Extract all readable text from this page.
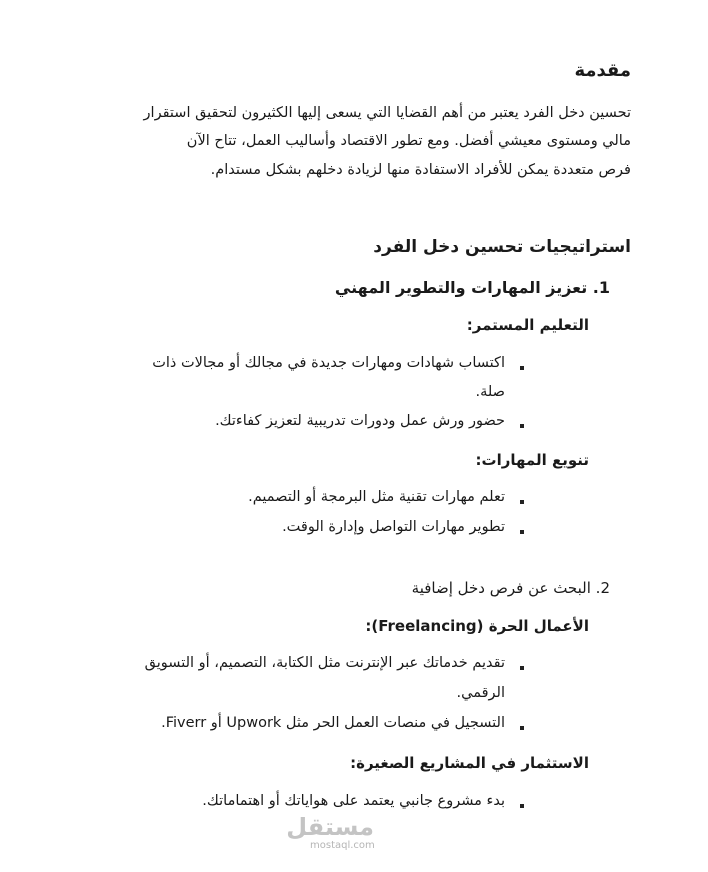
مقدمة
تحسين دخل الفرد يعتبر من أهم القضايا التي يسعى إليها الكثيرون لتحقيق استقرار
مالي ومستوى معيشي أفضل. ومع تطور الاقتصاد وأساليب العمل، تتاح الآن
فرص متعددة يمكن للأفراد الاستفادة منها لزيادة دخلهم بشكل مستدام.
استراتيجيات تحسين دخل الفرد
1. تعزيز المهارات والتطوير المهني
التعليم المستمر:
اكتساب شهادات ومهارات جديدة في مجالك أو مجالات ذات
صلة.
حضور ورش عمل ودورات تدريبية لتعزيز كفاءتك.
تنويع المهارات:
تعلم مهارات تقنية مثل البرمجة أو التصميم.
تطوير مهارات التواصل وإدارة الوقت.
2. البحث عن فرص دخل إضافية
الأعمال الحرة (Freelancing):
تقديم خدماتك عبر الإنترنت مثل الكتابة، التصميم، أو التسويق
الرقمي.
التسجيل في منصات العمل الحر مثل Upwork أو Fiverr.
الاستثمار في المشاريع الصغيرة:
بدء مشروع جانبي يعتمد على هواياتك أو اهتماماتك.
مستقل
mostaql.com
